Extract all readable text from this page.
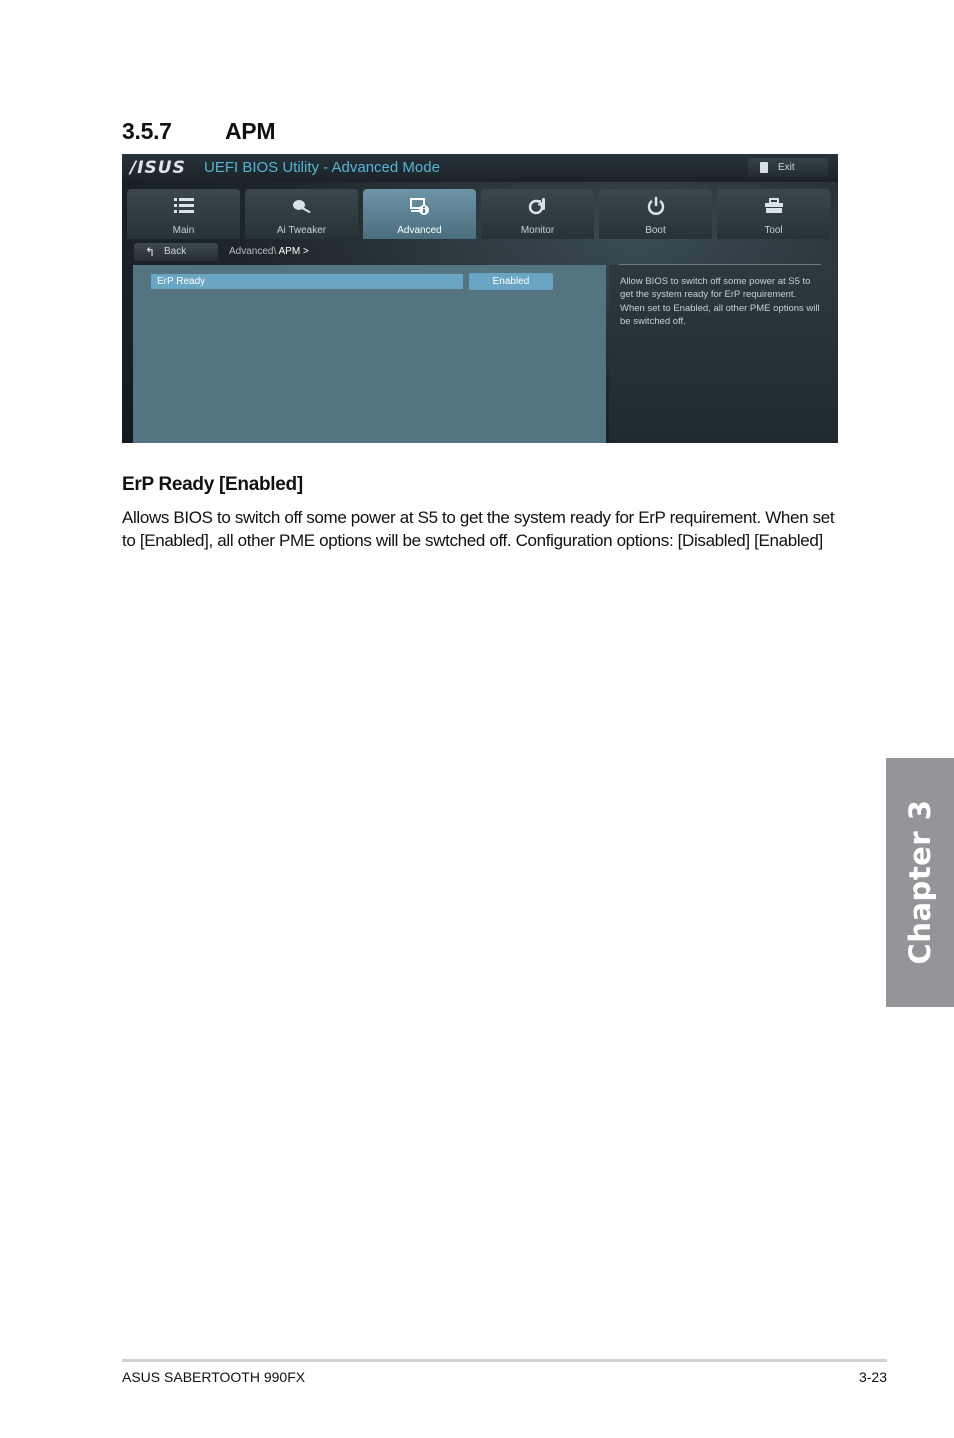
3.5.7 APM
/ISUS UEFI BIOS Utility - Advanced Mode	Exit
Main	Ai Tweaker	Advanced	Monitor	Boot	Tool
↰ Back	Advanced\ APM >
ErP Ready	Enabled	Allow BIOS to switch off some power at S5 to get the system ready for ErP requirement. When set to Enabled, all other PME options will be switched off.
ErP Ready [Enabled]

Allows BIOS to switch off some power at S5 to get the system ready for ErP requirement. When set to [Enabled], all other PME options will be swtched off. Configuration options: [Disabled] [Enabled]

Chapter 3
ASUS SABERTOOTH 990FX	3-23
